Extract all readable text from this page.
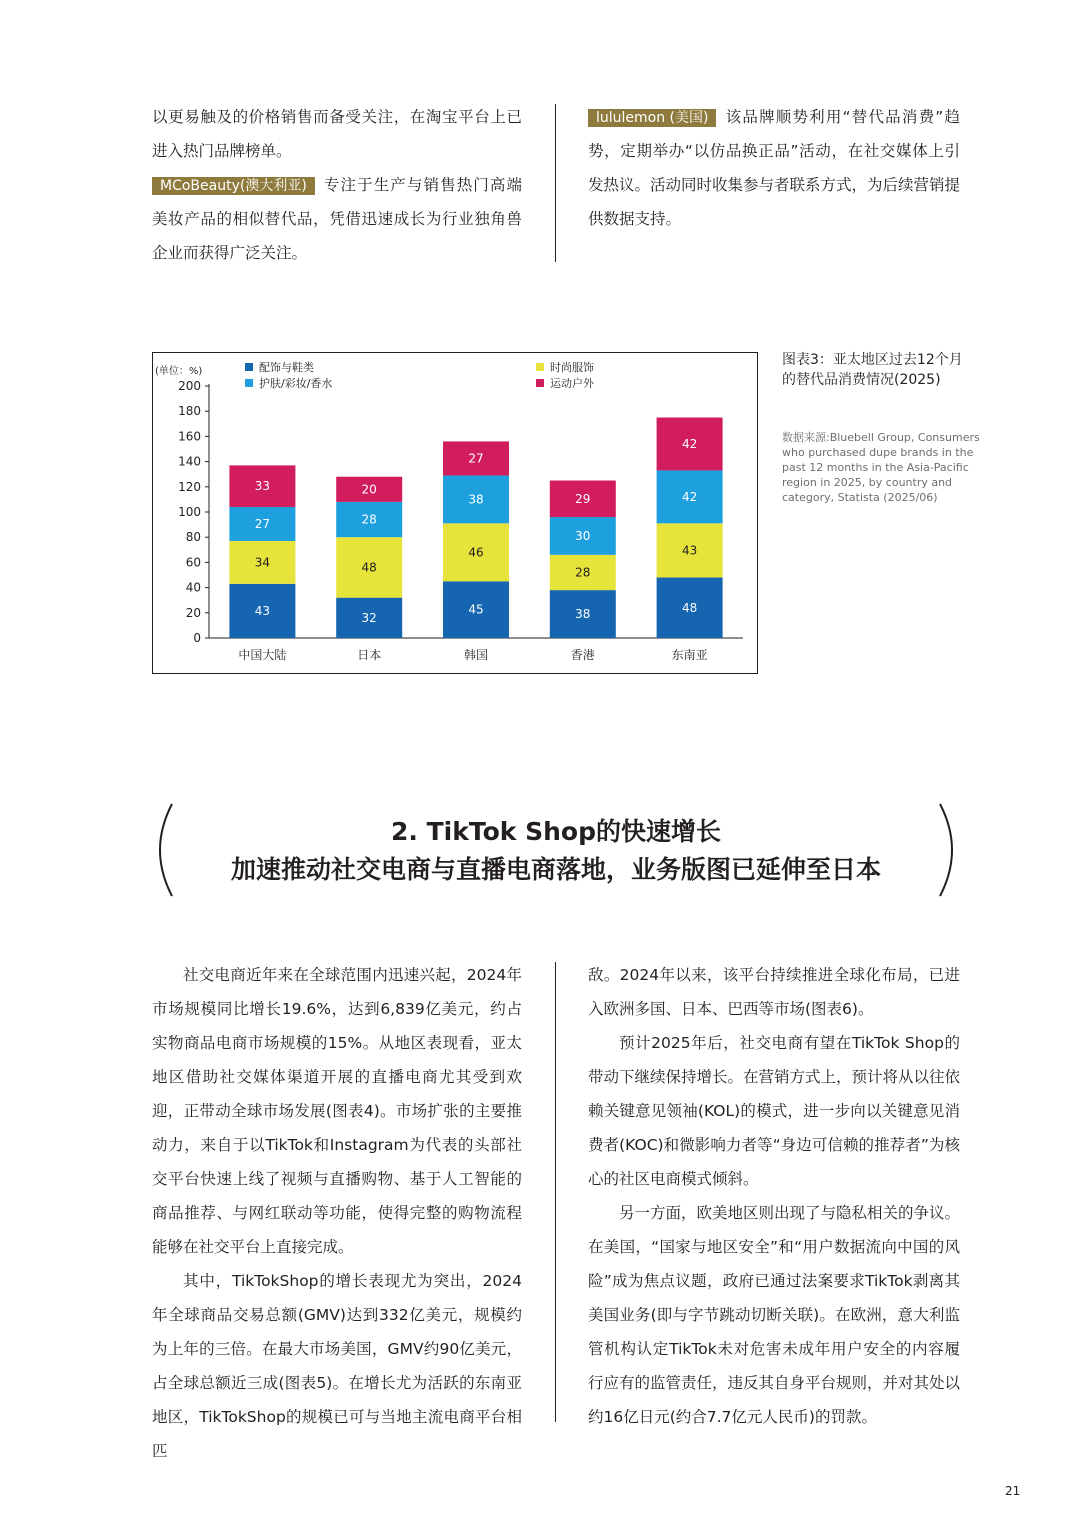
以更易触及的价格销售而备受关注，在淘宝平台上已进入热门品牌榜单。

MCoBeauty(澳大利亚) 专注于生产与销售热门高端美妆产品的相似替代品，凭借迅速成长为行业独角兽企业而获得广泛关注。

lululemon (美国) 该品牌顺势利用“替代品消费”趋势，定期举办“以仿品换正品”活动，在社交媒体上引发热议。活动同时收集参与者联系方式，为后续营销提供数据支持。

(单位：%)
0
20
40
60
80
100
120
140
160
180
200
配饰与鞋类
护肤/彩妆/香水
时尚服饰
运动户外
43
34
27
33
中国大陆
32
48
28
20
日本
45
46
38
27
韩国
38
28
30
29
香港
48
43
42
42
东南亚
图表3：亚太地区过去12个月
的替代品消费情况(2025)
数据来源:Bluebell Group, Consumers who purchased dupe brands in the past 12 months in the Asia-Pacific region in 2025, by country and category, Statista (2025/06)
2. TikTok Shop的快速增长
加速推动社交电商与直播电商落地，业务版图已延伸至日本

社交电商近年来在全球范围内迅速兴起，2024年市场规模同比增长19.6%，达到6,839亿美元，约占实物商品电商市场规模的15%。从地区表现看，亚太地区借助社交媒体渠道开展的直播电商尤其受到欢迎，正带动全球市场发展(图表4)。市场扩张的主要推动力，来自于以TikTok和Instagram为代表的头部社交平台快速上线了视频与直播购物、基于人工智能的商品推荐、与网红联动等功能，使得完整的购物流程能够在社交平台上直接完成。

其中，TikTokShop的增长表现尤为突出，2024年全球商品交易总额(GMV)达到332亿美元，规模约为上年的三倍。在最大市场美国，GMV约90亿美元，占全球总额近三成(图表5)。在增长尤为活跃的东南亚地区，TikTokShop的规模已可与当地主流电商平台相匹

敌。2024年以来，该平台持续推进全球化布局，已进入欧洲多国、日本、巴西等市场(图表6)。

预计2025年后，社交电商有望在TikTok Shop的带动下继续保持增长。在营销方式上，预计将从以往依赖关键意见领袖(KOL)的模式，进一步向以关键意见消费者(KOC)和微影响力者等“身边可信赖的推荐者”为核心的社区电商模式倾斜。

另一方面，欧美地区则出现了与隐私相关的争议。在美国，“国家与地区安全”和“用户数据流向中国的风险”成为焦点议题，政府已通过法案要求TikTok剥离其美国业务(即与字节跳动切断关联)。在欧洲，意大利监管机构认定TikTok未对危害未成年用户安全的内容履行应有的监管责任，违反其自身平台规则，并对其处以约16亿日元(约合7.7亿元人民币)的罚款。

21
